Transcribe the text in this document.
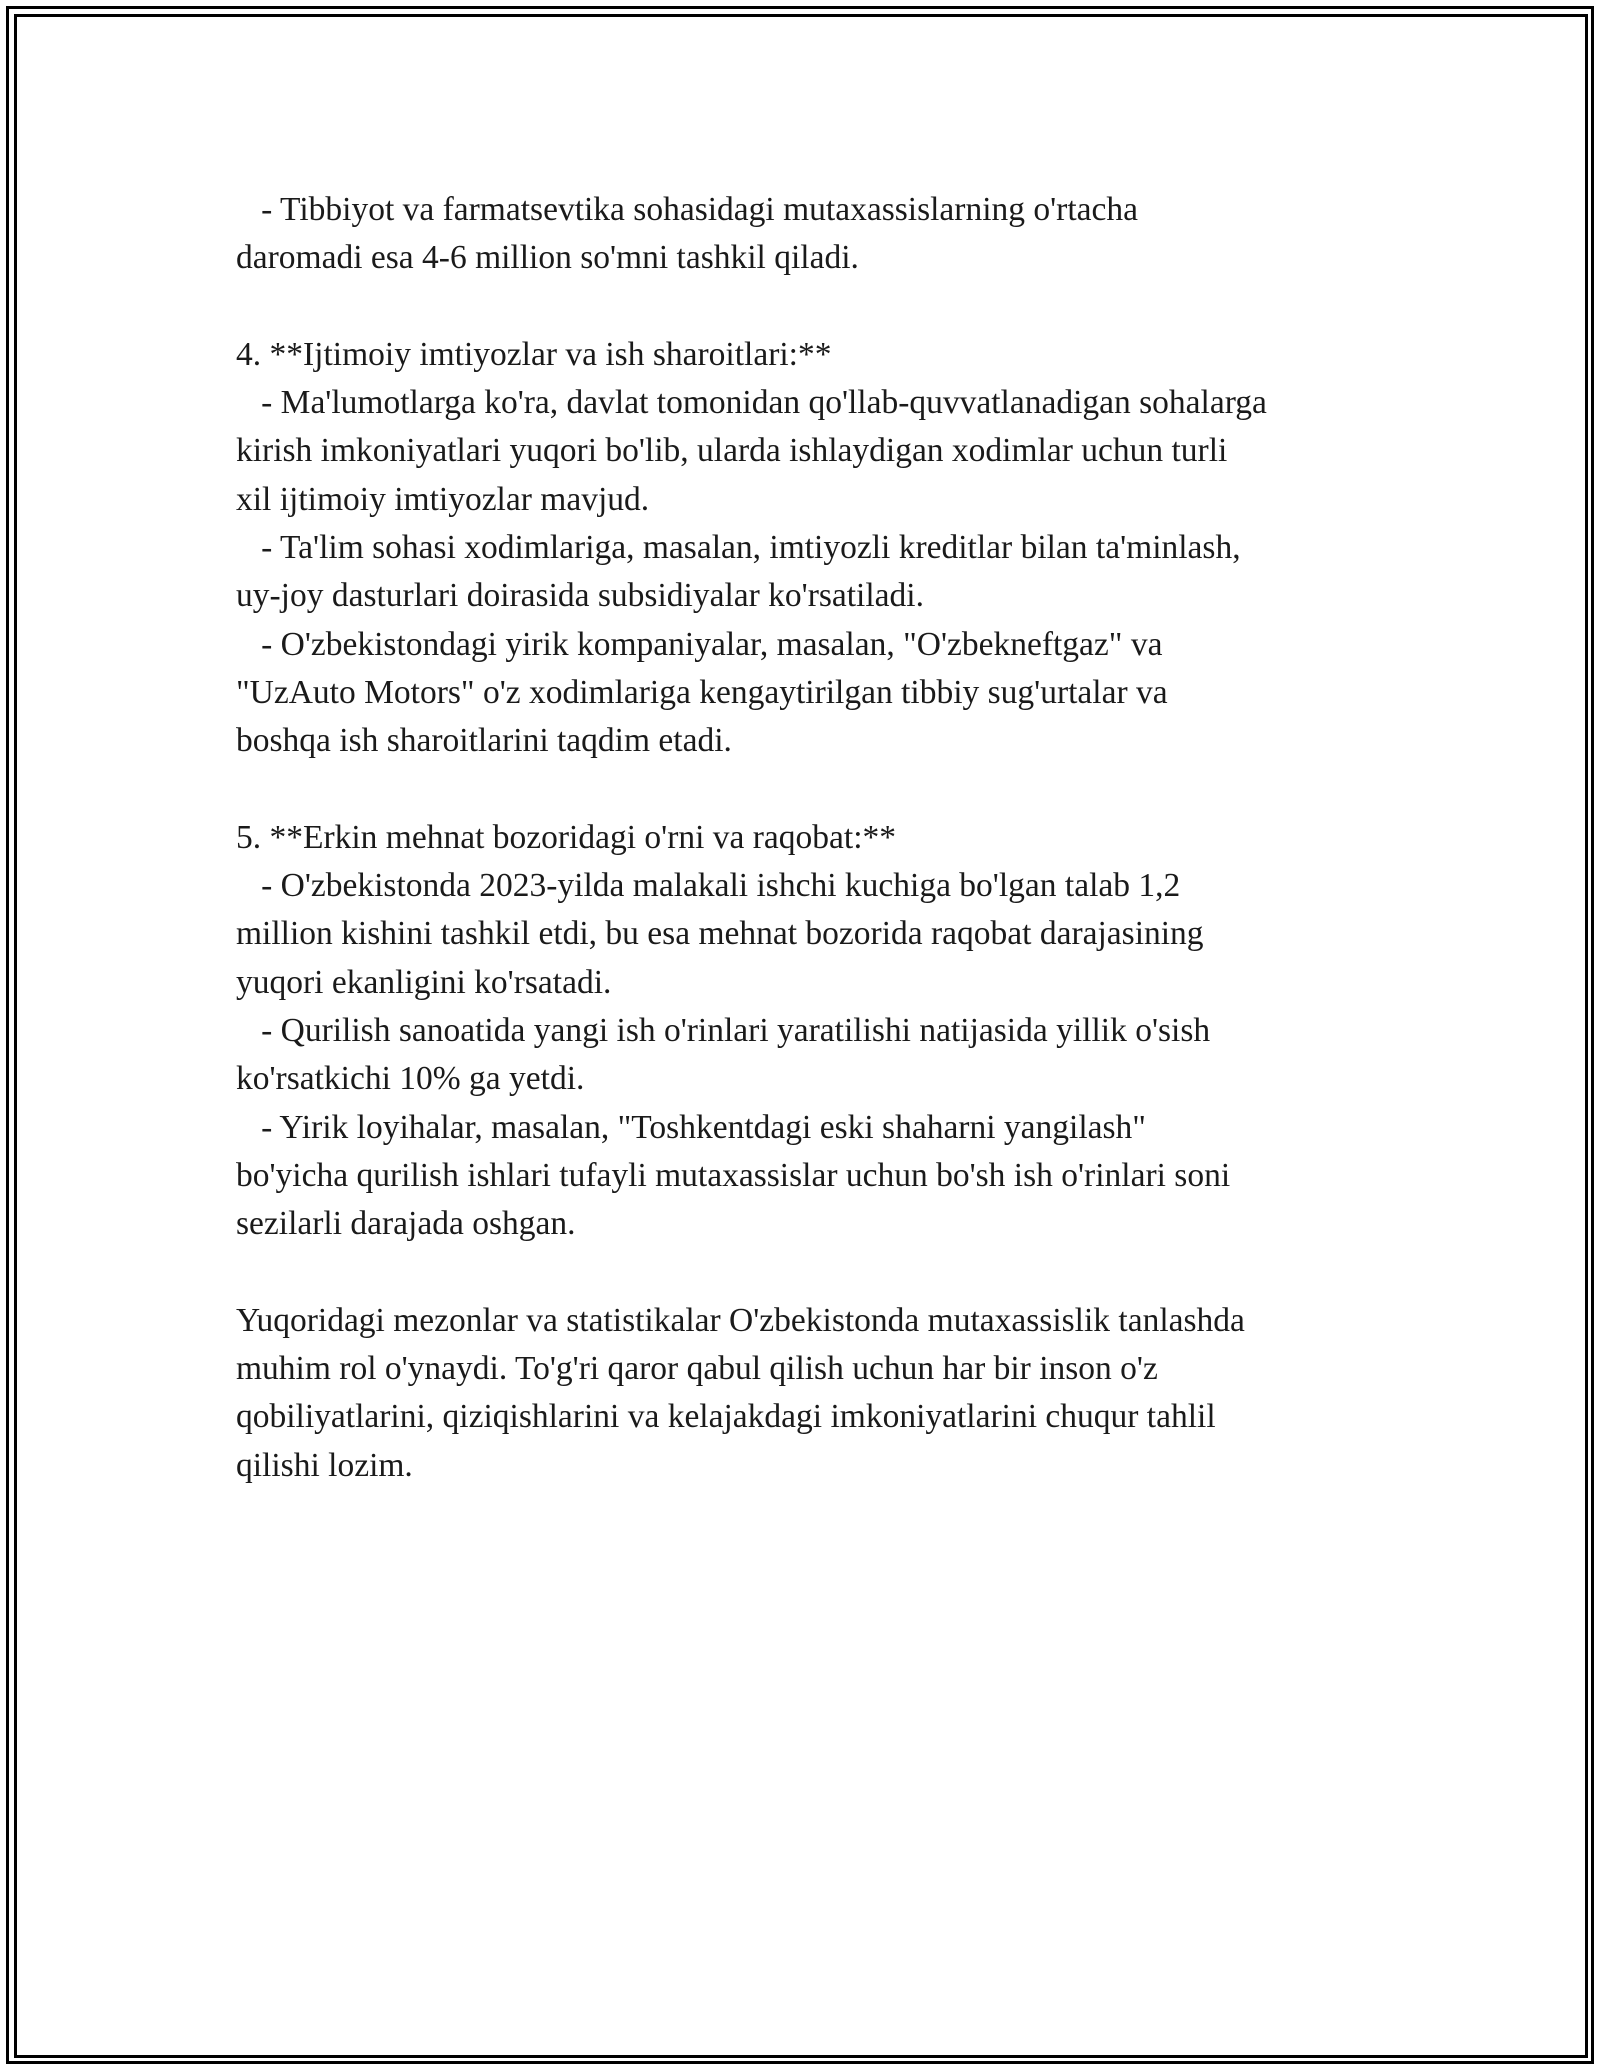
- Tibbiyot va farmatsevtika sohasidagi mutaxassislarning o'rtacha
daromadi esa 4-6 million so'mni tashkil qiladi.
4. **Ijtimoiy imtiyozlar va ish sharoitlari:**
- Ma'lumotlarga ko'ra, davlat tomonidan qo'llab-quvvatlanadigan sohalarga
kirish imkoniyatlari yuqori bo'lib, ularda ishlaydigan xodimlar uchun turli
xil ijtimoiy imtiyozlar mavjud.
- Ta'lim sohasi xodimlariga, masalan, imtiyozli kreditlar bilan ta'minlash,
uy-joy dasturlari doirasida subsidiyalar ko'rsatiladi.
- O'zbekistondagi yirik kompaniyalar, masalan, "O'zbekneftgaz" va
"UzAuto Motors" o'z xodimlariga kengaytirilgan tibbiy sug'urtalar va
boshqa ish sharoitlarini taqdim etadi.
5. **Erkin mehnat bozoridagi o'rni va raqobat:**
- O'zbekistonda 2023-yilda malakali ishchi kuchiga bo'lgan talab 1,2
million kishini tashkil etdi, bu esa mehnat bozorida raqobat darajasining
yuqori ekanligini ko'rsatadi.
- Qurilish sanoatida yangi ish o'rinlari yaratilishi natijasida yillik o'sish
ko'rsatkichi 10% ga yetdi.
- Yirik loyihalar, masalan, "Toshkentdagi eski shaharni yangilash"
bo'yicha qurilish ishlari tufayli mutaxassislar uchun bo'sh ish o'rinlari soni
sezilarli darajada oshgan.
Yuqoridagi mezonlar va statistikalar O'zbekistonda mutaxassislik tanlashda
muhim rol o'ynaydi. To'g'ri qaror qabul qilish uchun har bir inson o'z
qobiliyatlarini, qiziqishlarini va kelajakdagi imkoniyatlarini chuqur tahlil
qilishi lozim.
